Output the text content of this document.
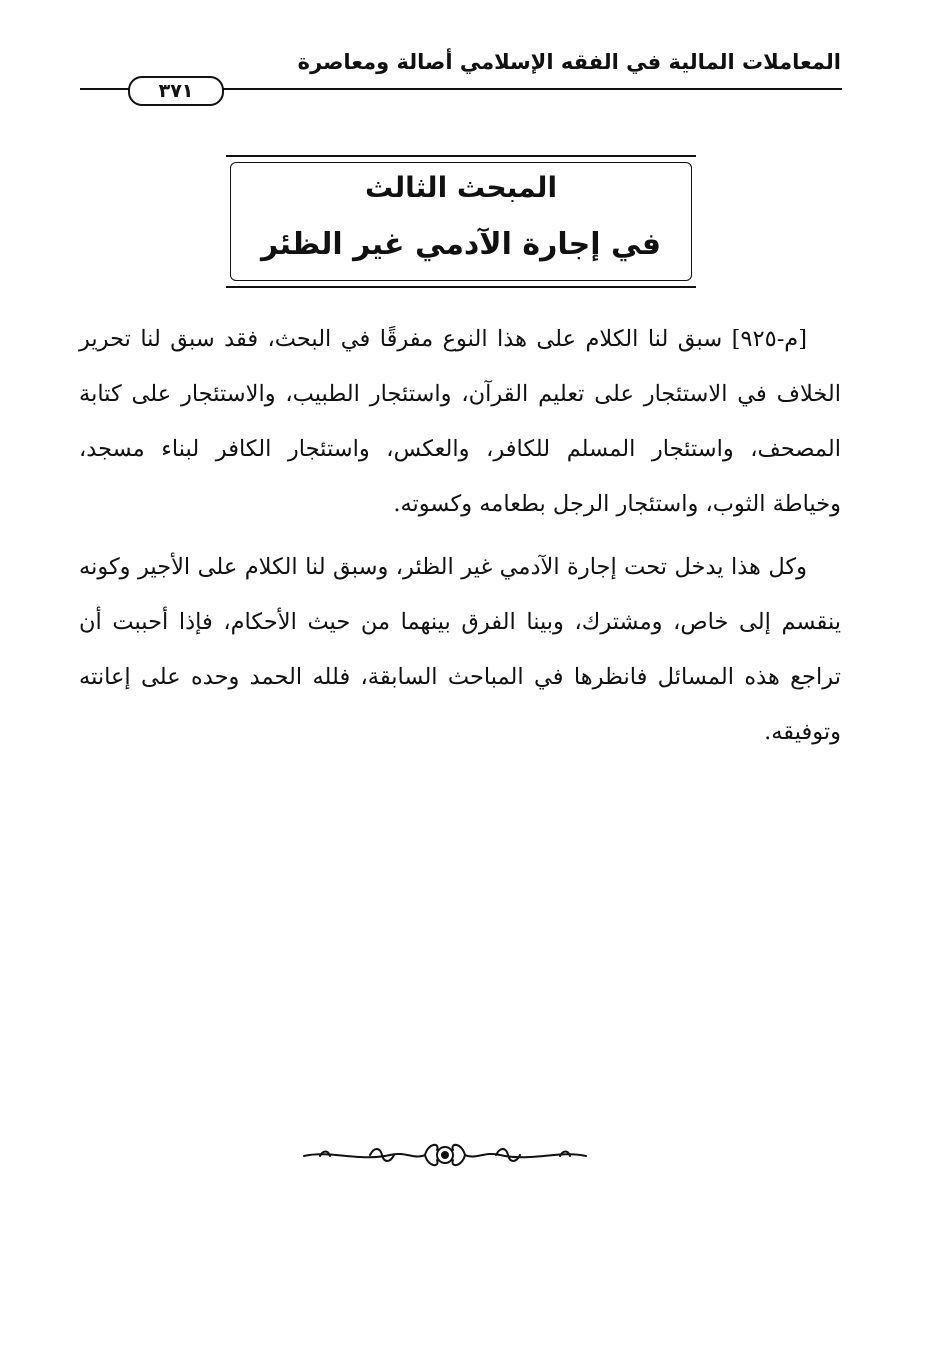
المعاملات المالية في الفقه الإسلامي أصالة ومعاصرة
٣٧١
المبحث الثالث
في إجارة الآدمي غير الظئر

[م-٩٢٥] سبق لنا الكلام على هذا النوع مفرقًا في البحث، فقد سبق لنا تحرير الخلاف في الاستئجار على تعليم القرآن، واستئجار الطبيب، والاستئجار على كتابة المصحف، واستئجار المسلم للكافر، والعكس، واستئجار الكافر لبناء مسجد، وخياطة الثوب، واستئجار الرجل بطعامه وكسوته.

وكل هذا يدخل تحت إجارة الآدمي غير الظئر، وسبق لنا الكلام على الأجير وكونه ينقسم إلى خاص، ومشترك، وبينا الفرق بينهما من حيث الأحكام، فإذا أحببت أن تراجع هذه المسائل فانظرها في المباحث السابقة، فلله الحمد وحده على إعانته وتوفيقه.
